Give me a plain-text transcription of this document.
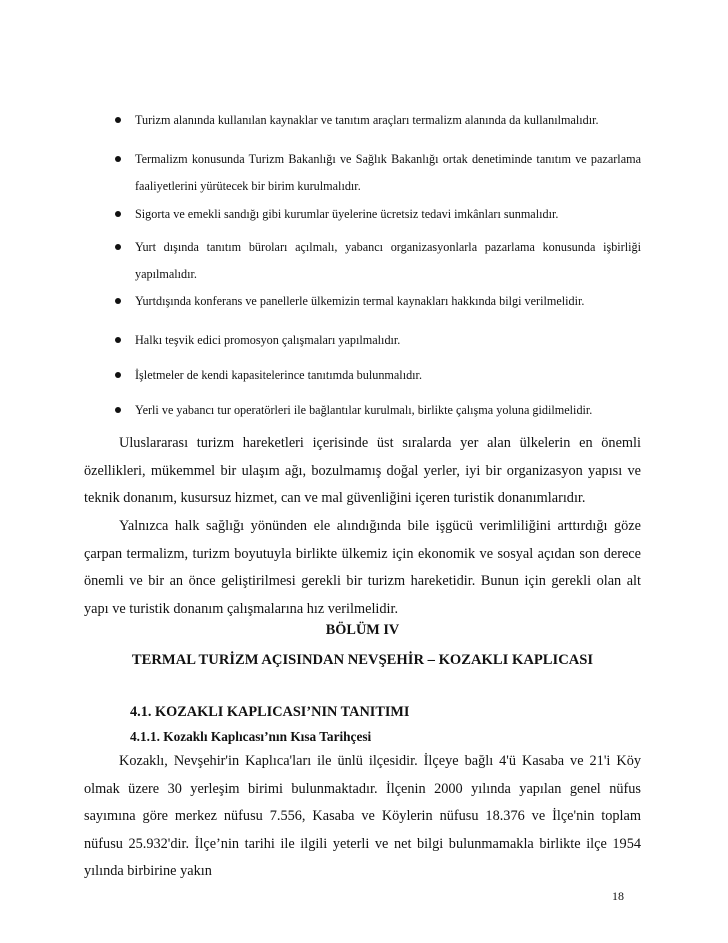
Turizm alanında kullanılan kaynaklar ve tanıtım araçları termalizm alanında da kullanılmalıdır.
Termalizm konusunda Turizm Bakanlığı ve Sağlık Bakanlığı ortak denetiminde tanıtım ve pazarlama faaliyetlerini yürütecek bir birim kurulmalıdır.
Sigorta ve emekli sandığı gibi kurumlar üyelerine ücretsiz tedavi imkânları sunmalıdır.
Yurt dışında tanıtım büroları açılmalı, yabancı organizasyonlarla pazarlama konusunda işbirliği yapılmalıdır.
Yurtdışında konferans ve panellerle ülkemizin termal kaynakları hakkında bilgi verilmelidir.
Halkı teşvik edici promosyon çalışmaları yapılmalıdır.
İşletmeler de kendi kapasitelerince tanıtımda bulunmalıdır.
Yerli ve yabancı tur operatörleri ile bağlantılar kurulmalı, birlikte çalışma yoluna gidilmelidir.
Uluslararası turizm hareketleri içerisinde üst sıralarda yer alan ülkelerin en önemli özellikleri, mükemmel bir ulaşım ağı, bozulmamış doğal yerler, iyi bir organizasyon yapısı ve teknik donanım, kusursuz hizmet, can ve mal güvenliğini içeren turistik donanımlarıdır.
Yalnızca halk sağlığı yönünden ele alındığında bile işgücü verimliliğini arttırdığı göze çarpan termalizm, turizm boyutuyla birlikte ülkemiz için ekonomik ve sosyal açıdan son derece önemli ve bir an önce geliştirilmesi gerekli bir turizm hareketidir. Bunun için gerekli olan alt yapı ve turistik donanım çalışmalarına hız verilmelidir.
BÖLÜM IV
TERMAL TURİZM AÇISINDAN NEVŞEHİR – KOZAKLI KAPLICASI
4.1. KOZAKLI KAPLICASI’NIN TANITIMI
4.1.1. Kozaklı Kaplıcası’nın Kısa Tarihçesi
Kozaklı, Nevşehir'in Kaplıca'ları ile ünlü ilçesidir. İlçeye bağlı 4'ü Kasaba ve 21'i Köy olmak üzere 30 yerleşim birimi bulunmaktadır. İlçenin 2000 yılında yapılan genel nüfus sayımına göre merkez nüfusu 7.556, Kasaba ve Köylerin nüfusu 18.376 ve İlçe'nin toplam nüfusu 25.932'dir. İlçe’nin tarihi ile ilgili yeterli ve net bilgi bulunmamakla birlikte ilçe 1954 yılında birbirine yakın
18
